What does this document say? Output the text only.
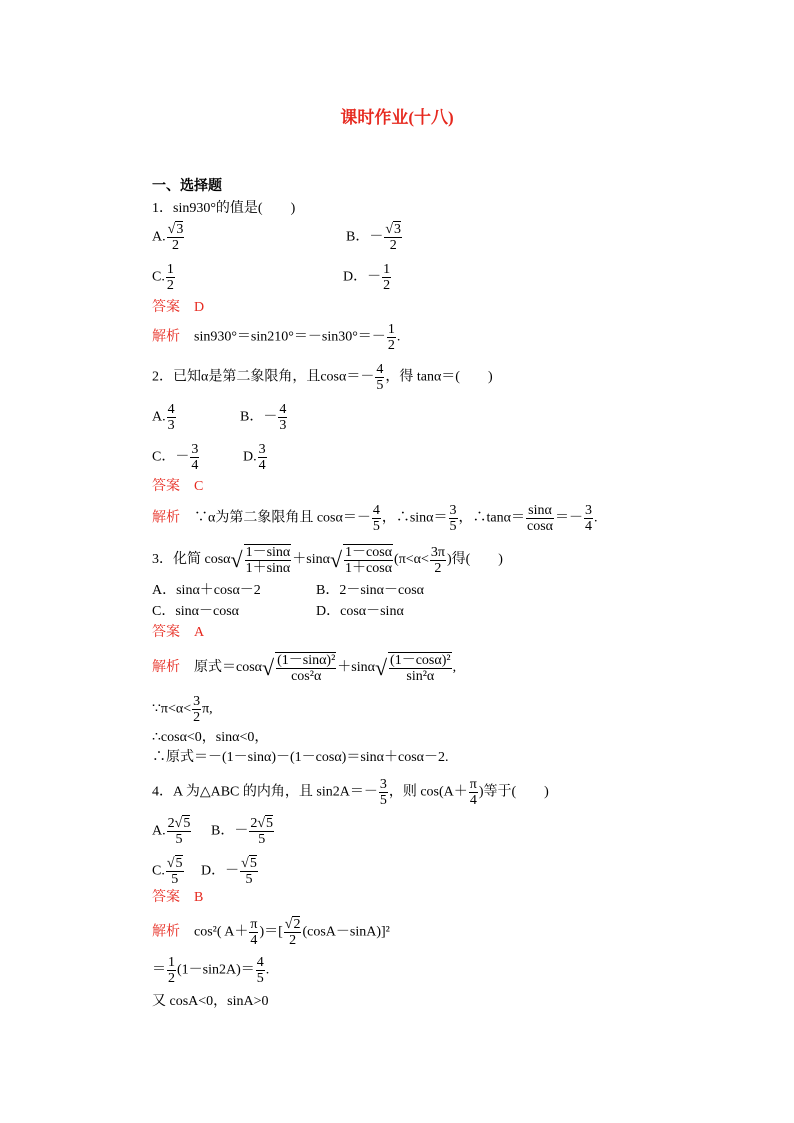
课时作业(十八)
一、选择题
1．sin930°的值是(　　)
A. $\frac{√3}{2}$	B．－ $\frac{√3}{2}$
C. $\frac{1}{2}$	D．－ $\frac{1}{2}$
答案　 D
解析　 $\sin 930^\circ=\sin 210^\circ=-\sin 30^\circ=- \frac{1}{2}$ .
2．已知α是第二象限角，且$\cos\alpha=- \frac{4}{5}$ ，得 tanα＝(　　)
A. $\frac{4}{3}$	B．－ $\frac{4}{3}$
C．－ $\frac{3}{4}$	D. $\frac{3}{4}$
答案　 C
解析　 ∵α为第二象限角且 $\cos\alpha=- \frac{4}{5}$ ，∴sinα＝ $\frac{3}{5}$ ，∴tanα＝ $\frac{\sin\alpha}{\cos\alpha} =- \frac{3}{4}$ .
3．化简 $\cos\alpha√ \frac{1-\sin\alpha}{1+\sin\alpha} +\sin\alpha√ \frac{1-\cos\alpha}{1+\cos\alpha} (\pi<\alpha< \frac{3\pi}{2}$ )得(　　)
A．sinα＋cosα－2	B．2－sinα－cosα
C．sinα－cosα	D．cosα－sinα
答案　 A
解析　 原式$=\cos\alpha√ \frac{\text{(1－sinα)²}}{\text{cos²α}} +\sin\alpha√ \frac{\text{(1－cosα)²}}{\text{sin²α}}$ ,
∵π<α< $\frac{3}{2} \pi$,
∴cosα<0，sinα<0，
∴原式＝－(1－sinα)－(1－cosα)＝sinα＋cosα－2.
4．A 为△ABC 的内角，且 $\sin 2A=- \frac{3}{5}$ ，则 $\cos(A+ \frac{\pi}{4}$ )等于(　　)
A. $\frac{2√5}{5}$ B．－ $\frac{2√5}{5}$
C. $\frac{√5}{5}$ D．－ $\frac{√5}{5}$
答案　 B
解析　 cos²( $A+ \frac{\pi}{4}$ )＝[ $\frac{√2}{2} (\cos A-\sin A)]^2$
＝ $\frac{1}{2} (1-\sin 2A)= \frac{4}{5}$ .
又 cosA<0，sinA>0
